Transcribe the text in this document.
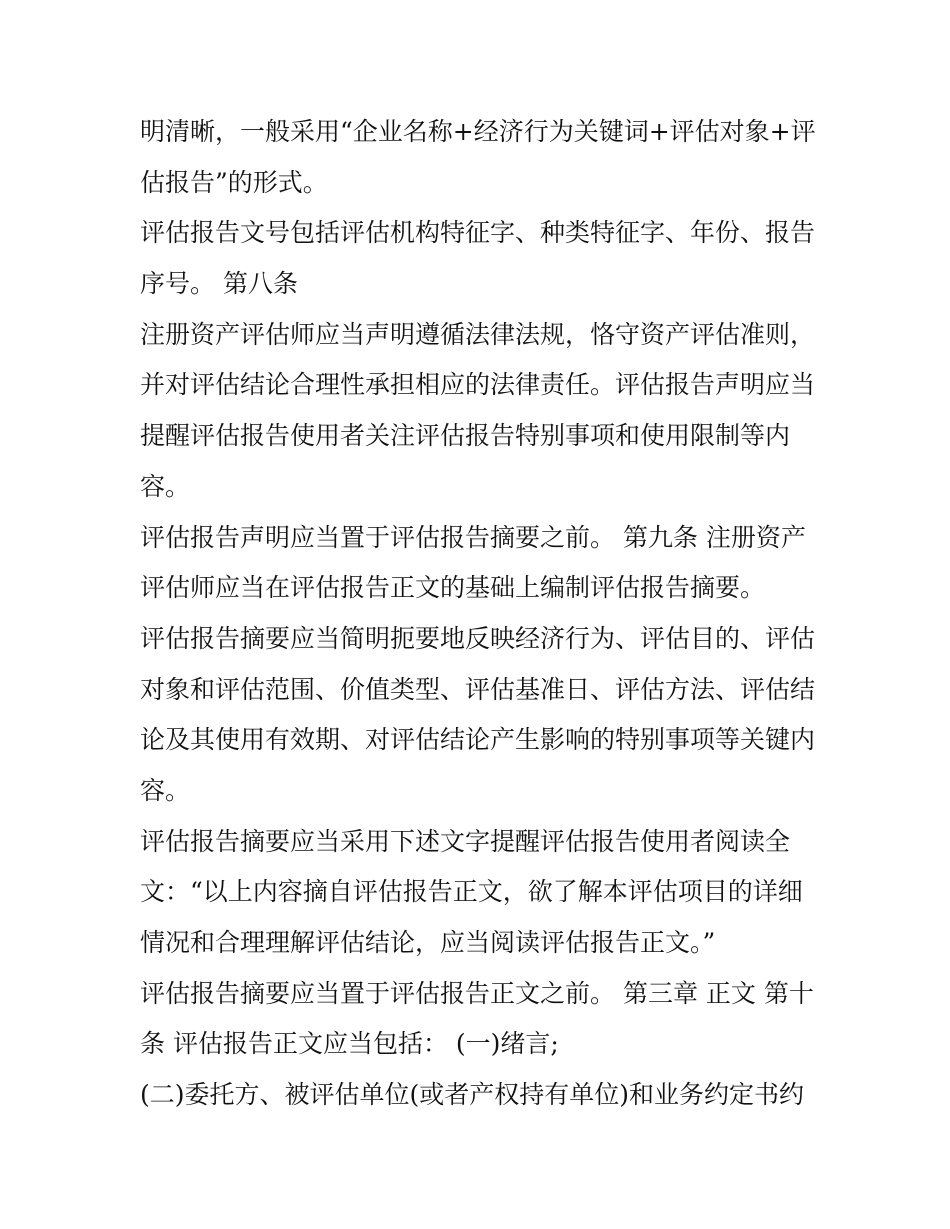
明清晰，一般采用“企业名称+经济行为关键词+评估对象+评
估报告”的形式。
评估报告文号包括评估机构特征字、种类特征字、年份、报告
序号。 第八条
注册资产评估师应当声明遵循法律法规，恪守资产评估准则，
并对评估结论合理性承担相应的法律责任。评估报告声明应当
提醒评估报告使用者关注评估报告特别事项和使用限制等内
容。
评估报告声明应当置于评估报告摘要之前。 第九条 注册资产
评估师应当在评估报告正文的基础上编制评估报告摘要。
评估报告摘要应当简明扼要地反映经济行为、评估目的、评估
对象和评估范围、价值类型、评估基准日、评估方法、评估结
论及其使用有效期、对评估结论产生影响的特别事项等关键内
容。
评估报告摘要应当采用下述文字提醒评估报告使用者阅读全
文：“以上内容摘自评估报告正文，欲了解本评估项目的详细
情况和合理理解评估结论，应当阅读评估报告正文。”
评估报告摘要应当置于评估报告正文之前。 第三章 正文 第十
条 评估报告正文应当包括： (一)绪言;
(二)委托方、被评估单位(或者产权持有单位)和业务约定书约
